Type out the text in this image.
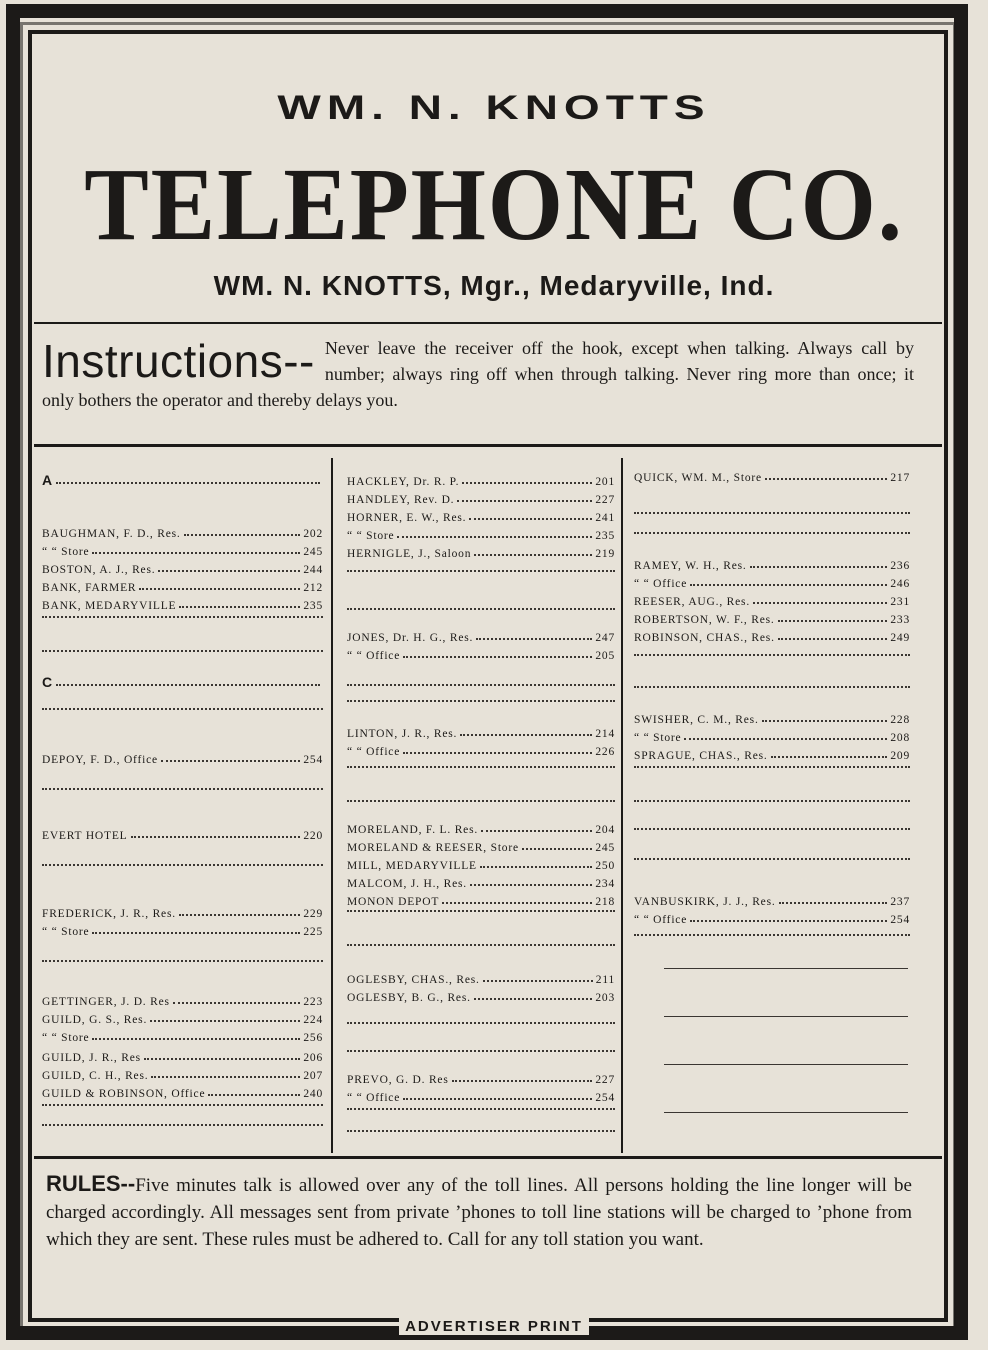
WM. N. KNOTTS
TELEPHONE CO.
WM. N. KNOTTS, Mgr., Medaryville, Ind.
Instructions-- Never leave the receiver off the hook, except when talking. Always call by number; always ring off when through talking. Never ring more than once; it only bothers the operator and thereby delays you.
A
BAUGHMAN, F. D., Res.	202
“ “ Store	245
BOSTON, A. J., Res.	244
BANK, FARMER	212
BANK, MEDARYVILLE	235
C
DEPOY, F. D., Office	254
EVERT HOTEL	220
FREDERICK, J. R., Res.	229
“ “ Store	225
GETTINGER, J. D. Res	223
GUILD, G. S., Res.	224
“ “ Store	256
GUILD, J. R., Res	206
GUILD, C. H., Res.	207
GUILD & ROBINSON, Office	240
HACKLEY, Dr. R. P.	201
HANDLEY, Rev. D.	227
HORNER, E. W., Res.	241
“ “ Store	235
HERNIGLE, J., Saloon	219
JONES, Dr. H. G., Res.	247
“ “ Office	205
LINTON, J. R., Res.	214
“ “ Office	226
MORELAND, F. L. Res.	204
MORELAND & REESER, Store	245
MILL, MEDARYVILLE	250
MALCOM, J. H., Res.	234
MONON DEPOT	218
OGLESBY, CHAS., Res.	211
OGLESBY, B. G., Res.	203
PREVO, G. D. Res	227
“ “ Office	254
QUICK, WM. M., Store	217
RAMEY, W. H., Res.	236
“ “ Office	246
REESER, AUG., Res.	231
ROBERTSON, W. F., Res.	233
ROBINSON, CHAS., Res.	249
SWISHER, C. M., Res.	228
“ “ Store	208
SPRAGUE, CHAS., Res.	209
VANBUSKIRK, J. J., Res.	237
“ “ Office	254
RULES--Five minutes talk is allowed over any of the toll lines. All persons holding the line longer will be charged accordingly. All messages sent from private ’phones to toll line stations will be charged to ’phone from which they are sent. These rules must be adhered to. Call for any toll station you want.
ADVERTISER PRINT
